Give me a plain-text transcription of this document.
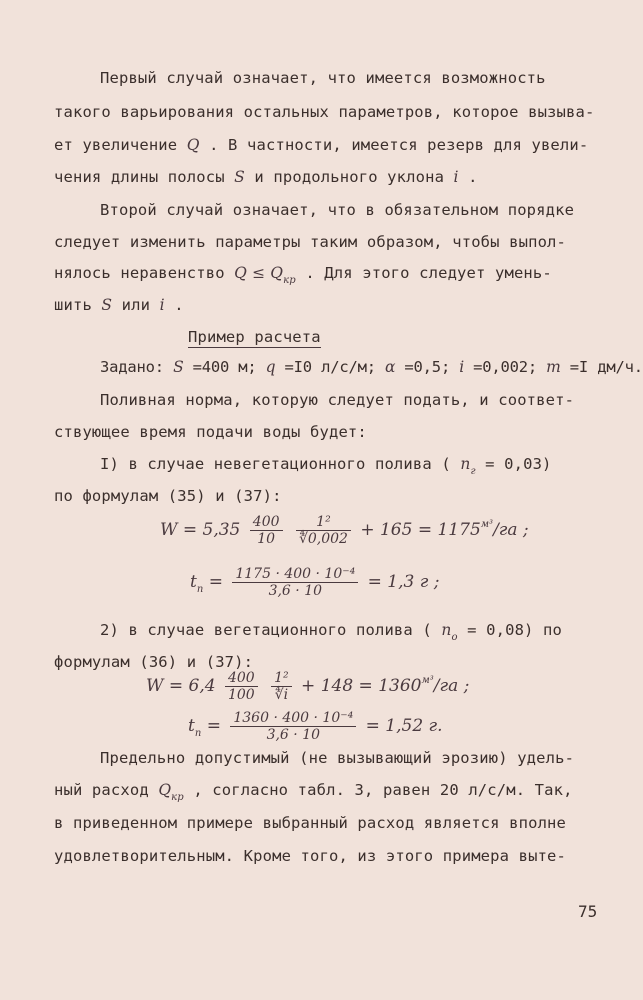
Первый случай означает, что имеется возможность
такого варьирования остальных параметров, которое вызыва-
ет увеличение Q . В частности, имеется резерв для увели-
чения длины полосы S и продольного уклона i .
Второй случай означает, что в обязательном порядке
следует изменить параметры таким образом, чтобы выпол-
нялось неравенство $Q \le Q_{кр}$ . Для этого следует умень-
шить S или i .
Пример расчета
Задано: S =400 м; q =I0 л/с/м; α =0,5; i =0,002; m =I дм/ч.
Поливная норма, которую следует подать, и соответ-
ствующее время подачи воды будет:
I) в случае невегетационного полива ( $n_г = 0,03$)
по формулам (35) и (37):
$W = 5,35 \frac{400}{10}$
$\frac{\text{1²}}{∜0,002} + 165 = 1175^{м^3}/га$ ;
$t_п = \frac{\text{1175 · 400 · 10⁻⁴}}{3,6 \cdot 10} = 1,3$ г ;
2) в случае вегетационного полива ( $n_о = 0,08$) по
формулам (36) и (37):
$W = 6,4 \frac{400}{100}$
$\frac{\text{1²}}{∜i} + 148 = 1360^{м^3}/га$ ;
$t_п = \frac{\text{1360 · 400 · 10⁻⁴}}{3,6 \cdot 10} = 1,52$ г.
Предельно допустимый (не вызывающий эрозию) удель-
ный расход $Q_{кр}$ , согласно табл. 3, равен 20 л/с/м. Так,
в приведенном примере выбранный расход является вполне
удовлетворительным. Кроме того, из этого примера выте-
75
